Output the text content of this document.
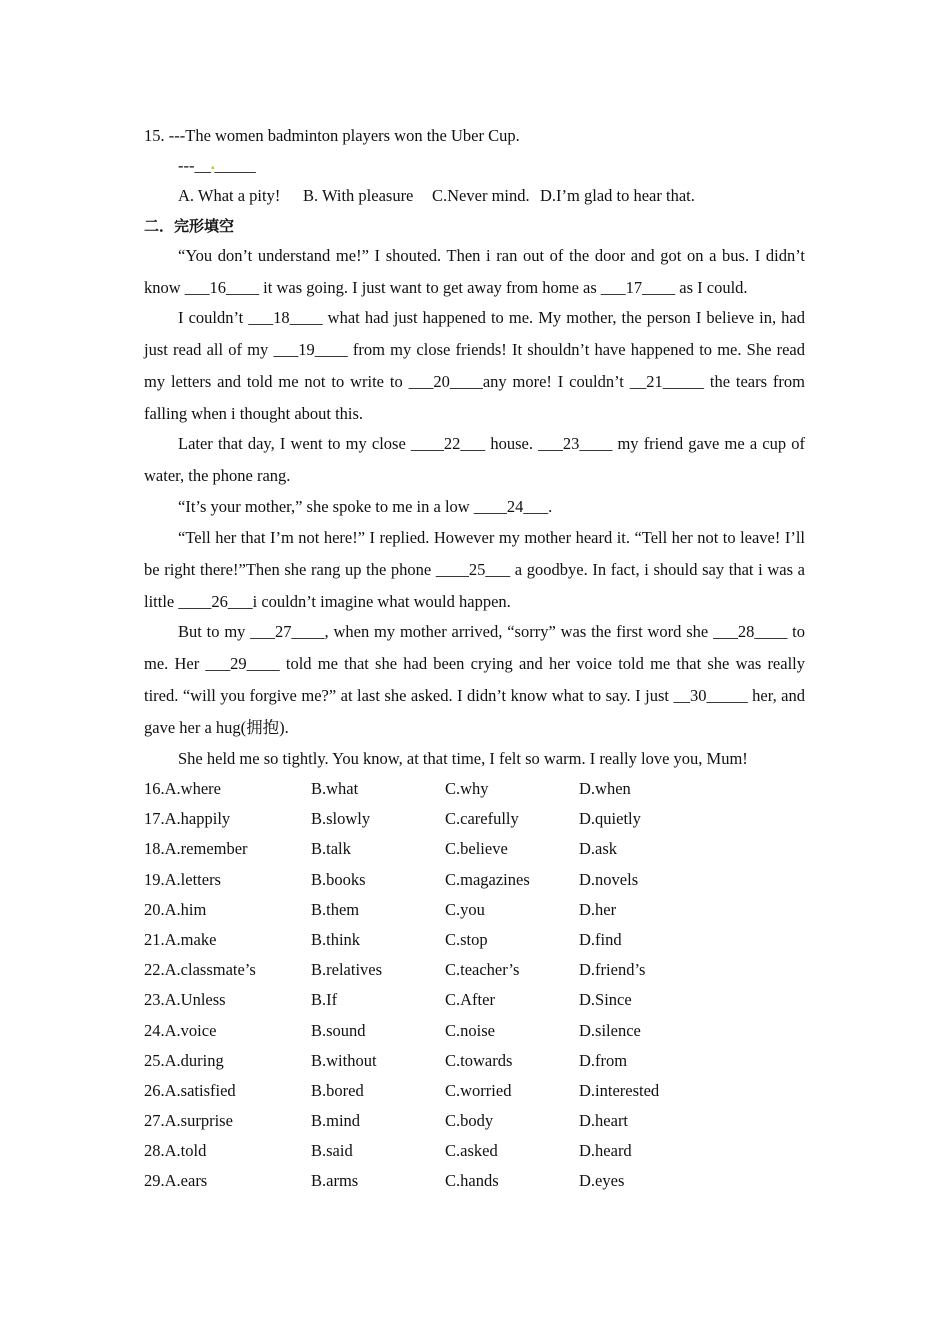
15. ---The women badminton players won the Uber Cup.
---__▪_____
A. What a pity! B. With pleasure C.Never mind. D.I’m glad to hear that.
二．完形填空

“You don’t understand me!” I shouted. Then i ran out of the door and got on a bus. I didn’t know ___16____ it was going. I just want to get away from home as ___17____ as I could.

I couldn’t ___18____ what had just happened to me. My mother, the person I believe in, had just read all of my ___19____ from my close friends! It shouldn’t have happened to me. She read my letters and told me not to write to ___20____any more! I couldn’t __21_____ the tears from falling when i thought about this.

Later that day, I went to my close ____22___ house. ___23____ my friend gave me a cup of water, the phone rang.

“It’s your mother,” she spoke to me in a low ____24___.

“Tell her that I’m not here!” I replied. However my mother heard it. “Tell her not to leave! I’ll be right there!”Then she rang up the phone ____25___ a goodbye. In fact, i should say that i was a little ____26___i couldn’t imagine what would happen.

But to my ___27____, when my mother arrived, “sorry” was the first word she ___28____ to me. Her ___29____ told me that she had been crying and her voice told me that she was really tired. “will you forgive me?” at last she asked. I didn’t know what to say. I just __30_____ her, and gave her a hug(拥抱).

She held me so tightly. You know, at that time, I felt so warm. I really love you, Mum!

16.A.where	B.what	C.why	D.when
17.A.happily	B.slowly	C.carefully	D.quietly
18.A.remember	B.talk	C.believe	D.ask
19.A.letters	B.books	C.magazines	D.novels
20.A.him	B.them	C.you	D.her
21.A.make	B.think	C.stop	D.find
22.A.classmate’s	B.relatives	C.teacher’s	D.friend’s
23.A.Unless	B.If	C.After	D.Since
24.A.voice	B.sound	C.noise	D.silence
25.A.during	B.without	C.towards	D.from
26.A.satisfied	B.bored	C.worried	D.interested
27.A.surprise	B.mind	C.body	D.heart
28.A.told	B.said	C.asked	D.heard
29.A.ears	B.arms	C.hands	D.eyes
